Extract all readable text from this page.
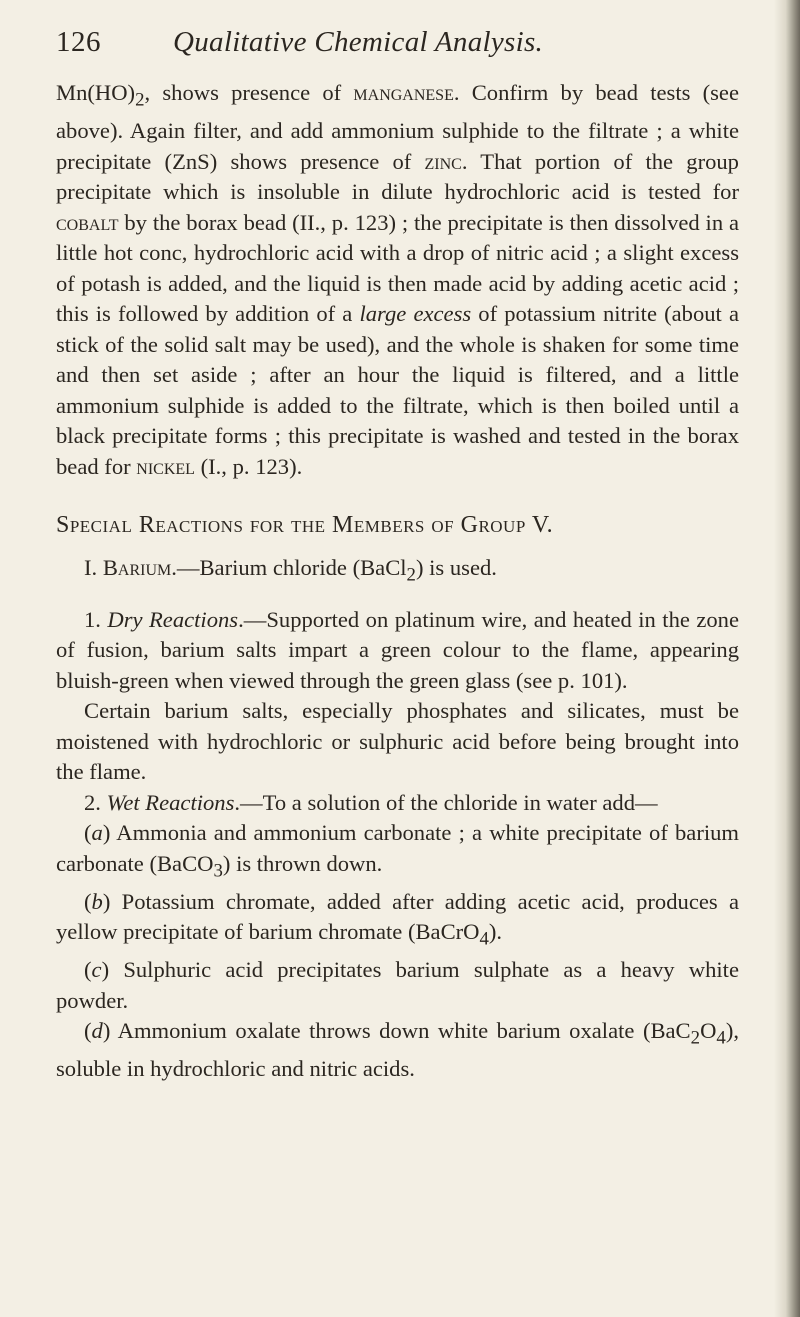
126 Qualitative Chemical Analysis.

$Mn(HO)_2$, shows presence of manganese. Confirm by bead tests (see above). Again filter, and add ammonium sulphide to the filtrate ; a white precipitate (ZnS) shows presence of zinc. That portion of the group precipitate which is insoluble in dilute hydrochloric acid is tested for cobalt by the borax bead (II., p. 123) ; the precipitate is then dissolved in a little hot conc, hydrochloric acid with a drop of nitric acid ; a slight excess of potash is added, and the liquid is then made acid by adding acetic acid ; this is followed by addition of a large excess of potassium nitrite (about a stick of the solid salt may be used), and the whole is shaken for some time and then set aside ; after an hour the liquid is filtered, and a little ammonium sulphide is added to the filtrate, which is then boiled until a black precipitate forms ; this precipitate is washed and tested in the borax bead for nickel (I., p. 123).

Special Reactions for the Members of Group V.

I. Barium.—Barium chloride (BaCl$_2$) is used.

1. Dry Reactions.—Supported on platinum wire, and heated in the zone of fusion, barium salts impart a green colour to the flame, appearing bluish-green when viewed through the green glass (see p. 101).

Certain barium salts, especially phosphates and silicates, must be moistened with hydrochloric or sulphuric acid before being brought into the flame.

2. Wet Reactions.—To a solution of the chloride in water add—

(a) Ammonia and ammonium carbonate ; a white precipitate of barium carbonate (BaCO$_3$) is thrown down.

(b) Potassium chromate, added after adding acetic acid, produces a yellow precipitate of barium chromate (BaCrO$_4$).

(c) Sulphuric acid precipitates barium sulphate as a heavy white powder.

(d) Ammonium oxalate throws down white barium oxalate $(BaC_2O_4)$, soluble in hydrochloric and nitric acids.
